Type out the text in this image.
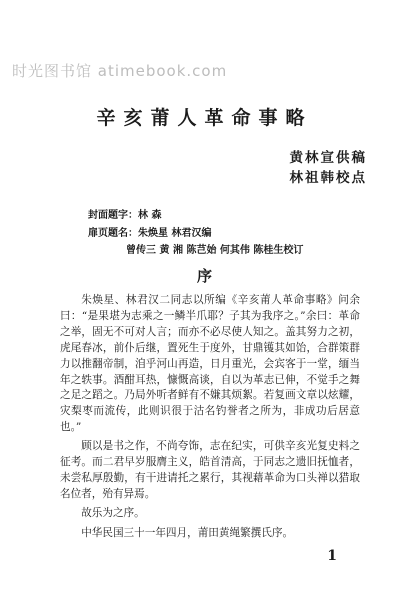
时光图书馆 atimebook.com
辛亥莆人革命事略
黄林宣供稿
林祖韩校点
封面题字：林 森
扉页题名：朱焕星 林君汉编
曾传三 黄 湘 陈芑始 何其伟 陈桂生校订
序

朱焕星、林君汉二同志以所编《辛亥莆人革命事略》问余曰：“是果堪为志乘之一鳞半爪耶？子其为我序之。”余曰：革命之举，固无不可对人言；而亦不必尽使人知之。盖其努力之初，虎尾春冰，前仆后继，置死生于度外，甘鼎镬其如饴，合群策群力以推翻帝制，洎乎河山再造，日月重光，会宾客于一堂，缅当年之轶事。酒酣耳热，慷慨高谈，自以为革志已伸，不觉手之舞之足之蹈之。乃局外听者鲜有不嫌其烦絮。若复画文章以炫耀，灾梨枣而流传，此则识很于沽名钓誉者之所为，非成功后居意也。”

顾以是书之作，不尚夸饰，志在纪实，可供辛亥光复史料之征考。而二君早岁服膺主义，皓首清高，于同志之遗旧抚恤者，未尝私厚殷勤，有干进请托之累行，其视藉革命为口头禅以猎取名位者，殆有异焉。

故乐为之序。

中华民国三十一年四月，莆田黄绳繁撰氏序。
1
